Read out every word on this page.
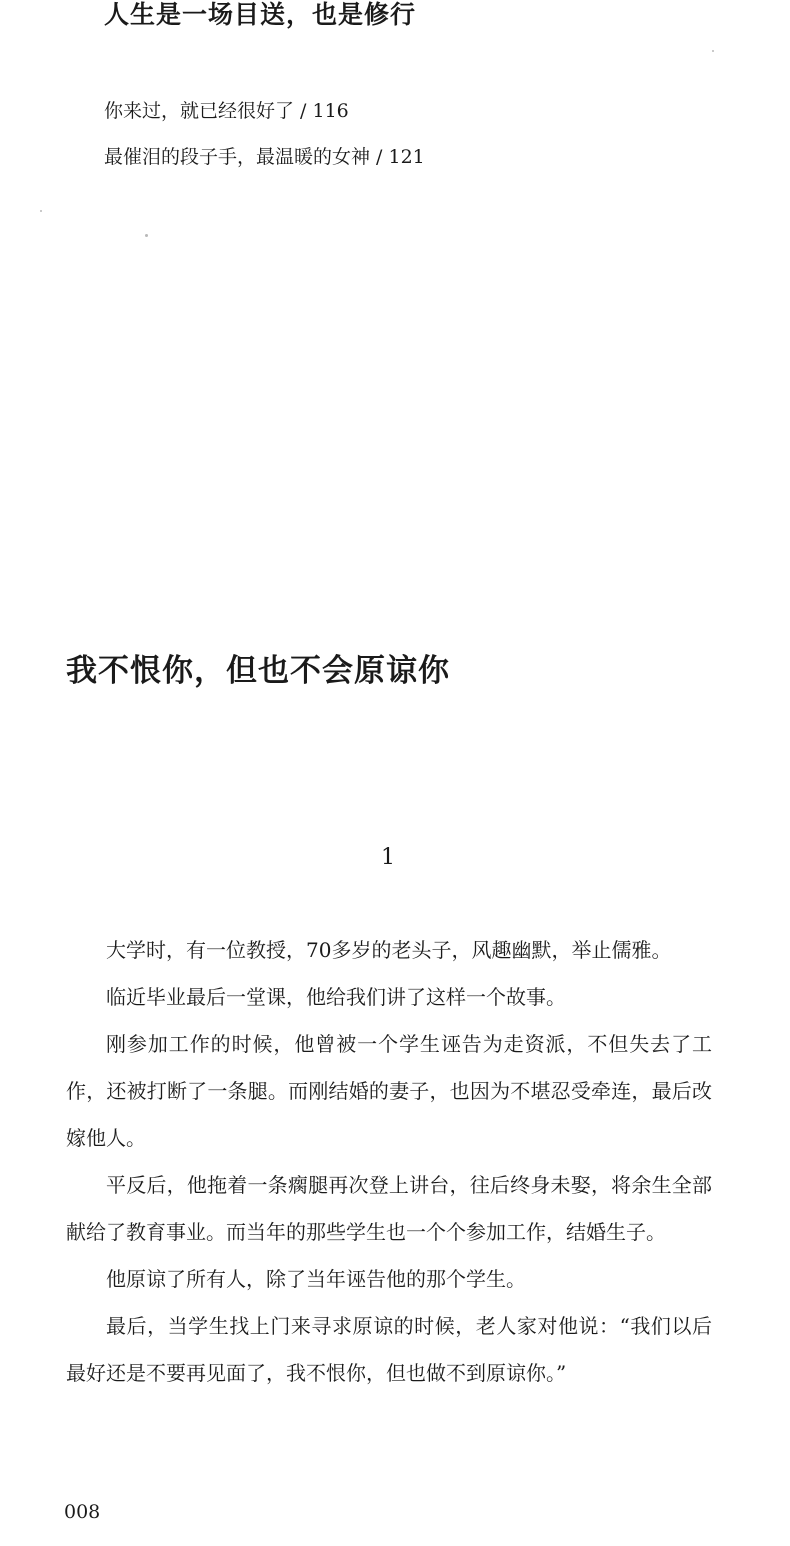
人生是一场目送，也是修行
你来过，就已经很好了 / 116
最催泪的段子手，最温暖的女神 / 121
我不恨你，但也不会原谅你
1

大学时，有一位教授，70多岁的老头子，风趣幽默，举止儒雅。

临近毕业最后一堂课，他给我们讲了这样一个故事。

刚参加工作的时候，他曾被一个学生诬告为走资派，不但失去了工作，还被打断了一条腿。而刚结婚的妻子，也因为不堪忍受牵连，最后改嫁他人。

平反后，他拖着一条瘸腿再次登上讲台，往后终身未娶，将余生全部献给了教育事业。而当年的那些学生也一个个参加工作，结婚生子。

他原谅了所有人，除了当年诬告他的那个学生。

最后，当学生找上门来寻求原谅的时候，老人家对他说：“我们以后最好还是不要再见面了，我不恨你，但也做不到原谅你。”

008
